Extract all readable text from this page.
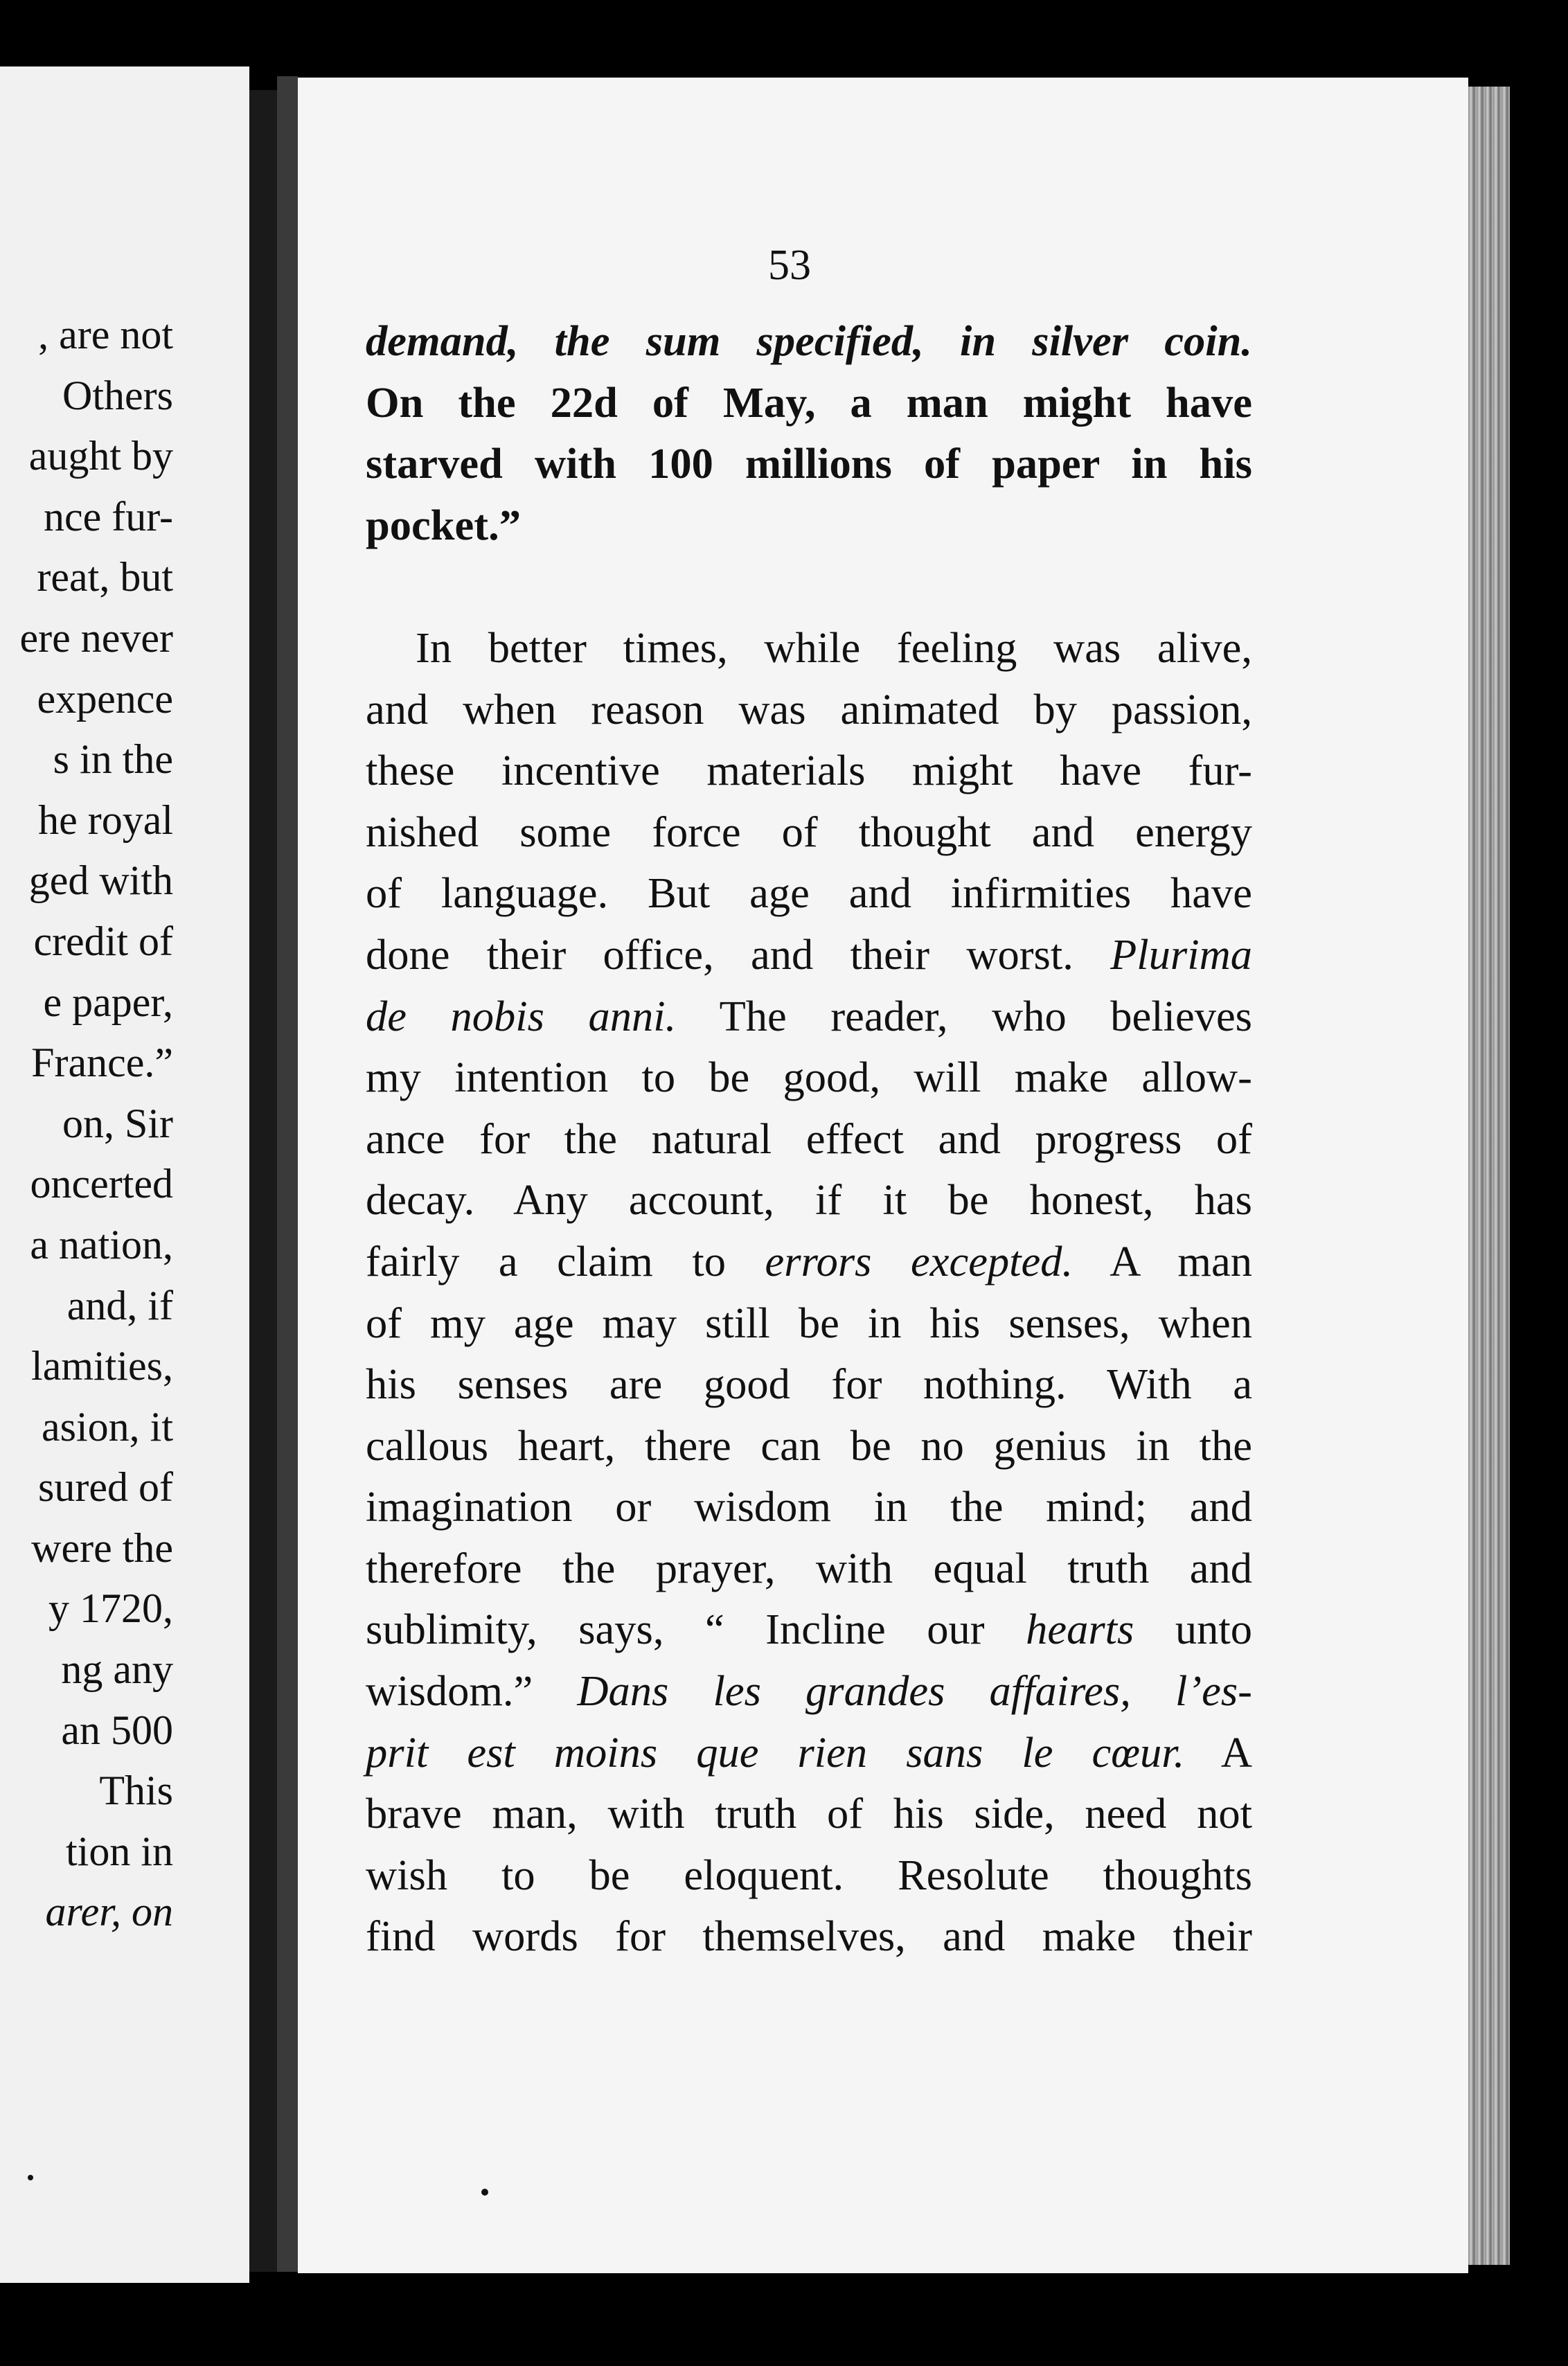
, are not
Others
aught by
nce fur-
reat, but
ere never
expence
s in the
he royal
ged with
credit of
e paper,
France.”
on, Sir
oncerted
a nation,
and, if
lamities,
asion, it
sured of
were the
y 1720,
ng any
an 500
This
tion in
arer, on
53
demand, the sum specified, in silver coin.
On the 22d of May, a man might have
starved with 100 millions of paper in his
pocket.”
In better times, while feeling was alive,
and when reason was animated by passion,
these incentive materials might have fur-
nished some force of thought and energy
of language. But age and infirmities have
done their office, and their worst. Plurima
de nobis anni. The reader, who believes
my intention to be good, will make allow-
ance for the natural effect and progress of
decay. Any account, if it be honest, has
fairly a claim to errors excepted. A man
of my age may still be in his senses, when
his senses are good for nothing. With a
callous heart, there can be no genius in the
imagination or wisdom in the mind; and
therefore the prayer, with equal truth and
sublimity, says, “ Incline our hearts unto
wisdom.” Dans les grandes affaires, l’es-
prit est moins que rien sans le cœur. A
brave man, with truth of his side, need not
wish to be eloquent. Resolute thoughts
find words for themselves, and make their
